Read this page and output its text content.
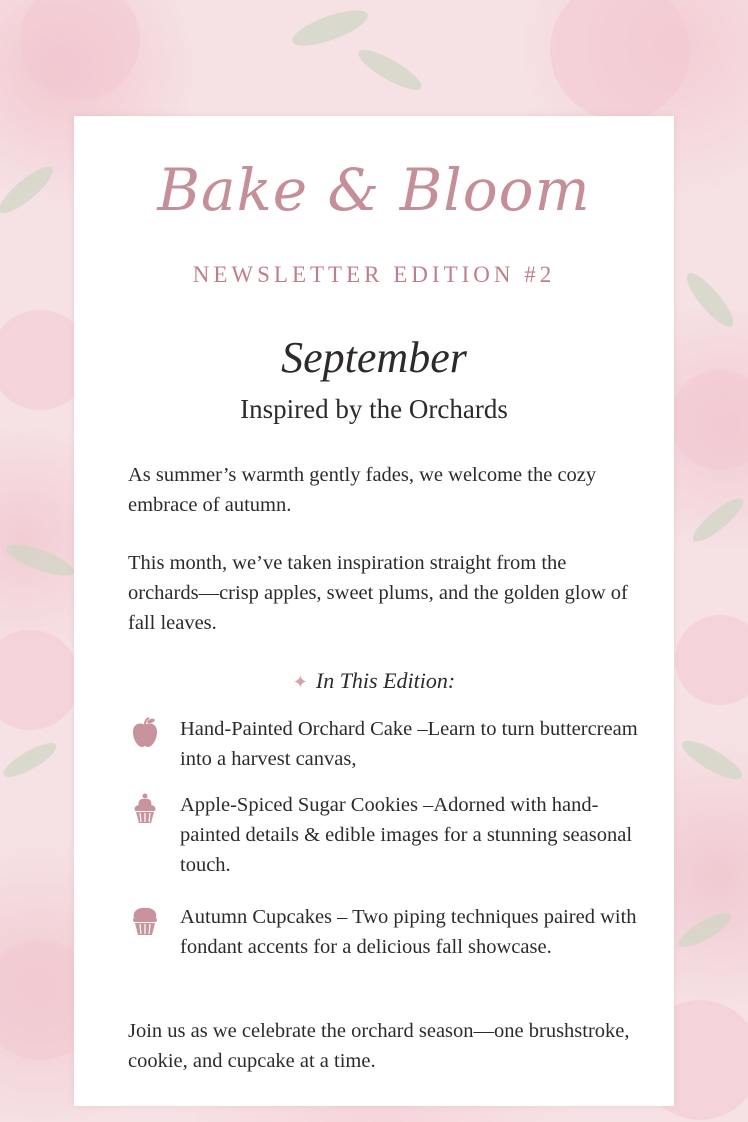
Bake & Bloom
NEWSLETTER EDITION #2
September
Inspired by the Orchards
As summer’s warmth gently fades, we welcome the cozy embrace of autumn.
This month, we’ve taken inspiration straight from the orchards—crisp apples, sweet plums, and the golden glow of fall leaves.
✦ In This Edition:
Hand-Painted Orchard Cake –Learn to turn buttercream into a harvest canvas,
Apple-Spiced Sugar Cookies –Adorned with hand-painted details & edible images for a stunning seasonal touch.
Autumn Cupcakes – Two piping techniques paired with fondant accents for a delicious fall showcase.
Join us as we celebrate the orchard season—one brushstroke, cookie, and cupcake at a time.
